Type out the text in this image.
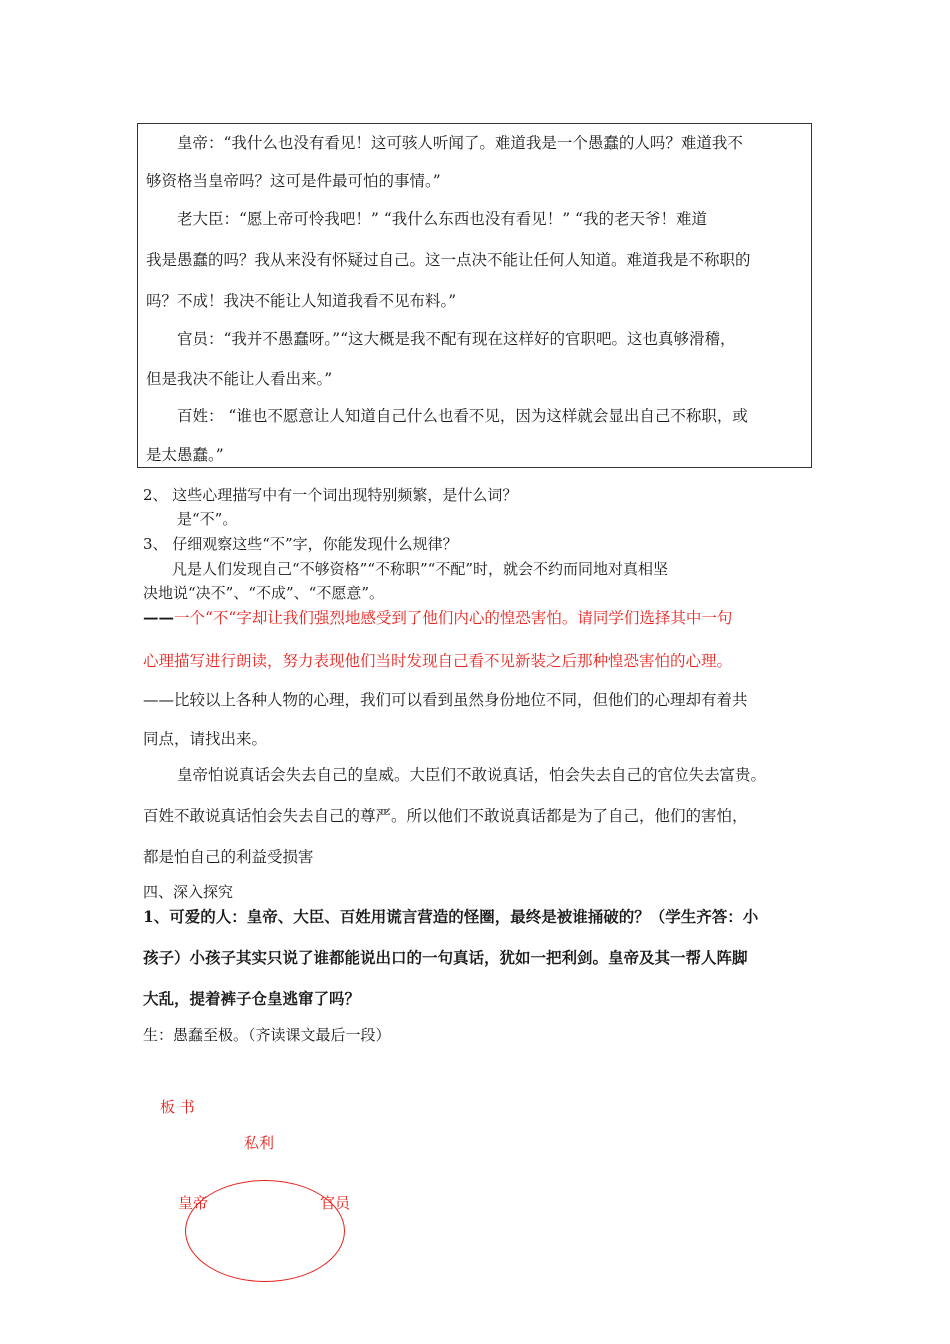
皇帝：“我什么也没有看见！这可骇人听闻了。难道我是一个愚蠢的人吗？难道我不
够资格当皇帝吗？这可是件最可怕的事情。”
老大臣：“愿上帝可怜我吧！” “我什么东西也没有看见！” “我的老天爷！难道
我是愚蠢的吗？我从来没有怀疑过自己。这一点决不能让任何人知道。难道我是不称职的
吗？不成！我决不能让人知道我看不见布料。”
官员：“我并不愚蠢呀。”“这大概是我不配有现在这样好的官职吧。这也真够滑稽，
但是我决不能让人看出来。”
百姓： “谁也不愿意让人知道自己什么也看不见，因为这样就会显出自己不称职，或
是太愚蠢。”
2、 这些心理描写中有一个词出现特别频繁，是什么词？
是“不”。
3、 仔细观察这些“不”字，你能发现什么规律？
凡是人们发现自己“不够资格”“不称职”“不配”时，就会不约而同地对真相坚
决地说“决不”、“不成”、“不愿意”。
——一个“不“字却让我们强烈地感受到了他们内心的惶恐害怕。请同学们选择其中一句
心理描写进行朗读，努力表现他们当时发现自己看不见新装之后那种惶恐害怕的心理。
——比较以上各种人物的心理，我们可以看到虽然身份地位不同，但他们的心理却有着共
同点，请找出来。
皇帝怕说真话会失去自己的皇威。大臣们不敢说真话，怕会失去自己的官位失去富贵。
百姓不敢说真话怕会失去自己的尊严。所以他们不敢说真话都是为了自己，他们的害怕，
都是怕自己的利益受损害
四、深入探究
1、可爱的人：皇帝、大臣、百姓用谎言营造的怪圈，最终是被谁捅破的？（学生齐答：小
孩子）小孩子其实只说了谁都能说出口的一句真话，犹如一把利剑。皇帝及其一帮人阵脚
大乱，提着裤子仓皇逃窜了吗？
生：愚蠢至极。（齐读课文最后一段）
板 书
私利
皇帝	官员
